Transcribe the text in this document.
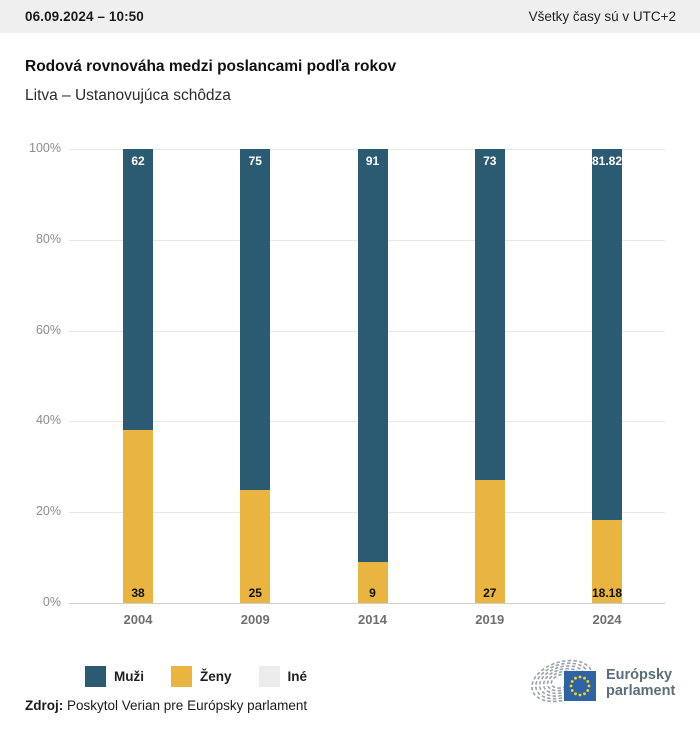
06.09.2024 – 10:50	Všetky časy sú v UTC+2
Rodová rovnováha medzi poslancami podľa rokov
Litva – Ustanovujúca schôdza
0%
20%
40%
60%
80%
100%
38
62
2004
25
75
2009
9
91
2014
27
73
2019
18.18
81.82
2024
Muži	Ženy	Iné	Európsky
parlament
Zdroj: Poskytol Verian pre Európsky parlament
